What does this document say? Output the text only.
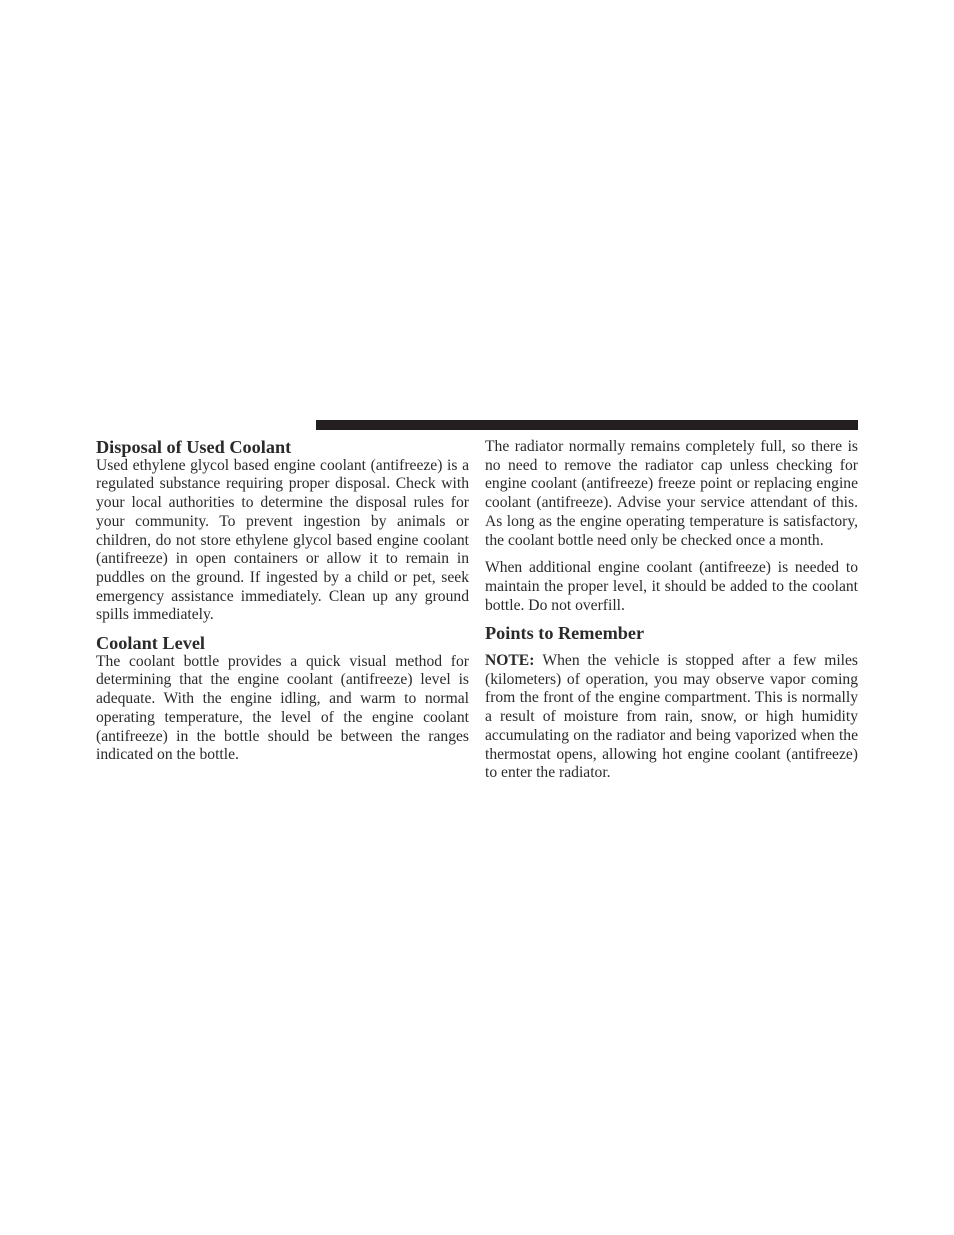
Disposal of Used Coolant

Used ethylene glycol based engine coolant (antifreeze) is a regulated substance requiring proper disposal. Check with your local authorities to determine the disposal rules for your community. To prevent ingestion by animals or children, do not store ethylene glycol based engine coolant (antifreeze) in open containers or allow it to remain in puddles on the ground. If ingested by a child or pet, seek emergency assistance immediately. Clean up any ground spills immediately.

Coolant Level

The coolant bottle provides a quick visual method for determining that the engine coolant (antifreeze) level is adequate. With the engine idling, and warm to normal operating temperature, the level of the engine coolant (antifreeze) in the bottle should be between the ranges indicated on the bottle.

The radiator normally remains completely full, so there is no need to remove the radiator cap unless checking for engine coolant (antifreeze) freeze point or replacing engine coolant (antifreeze). Advise your service attendant of this. As long as the engine operating temperature is satisfactory, the coolant bottle need only be checked once a month.

When additional engine coolant (antifreeze) is needed to maintain the proper level, it should be added to the coolant bottle. Do not overfill.

Points to Remember

NOTE: When the vehicle is stopped after a few miles (kilometers) of operation, you may observe vapor coming from the front of the engine compartment. This is normally a result of moisture from rain, snow, or high humidity accumulating on the radiator and being vaporized when the thermostat opens, allowing hot engine coolant (antifreeze) to enter the radiator.
